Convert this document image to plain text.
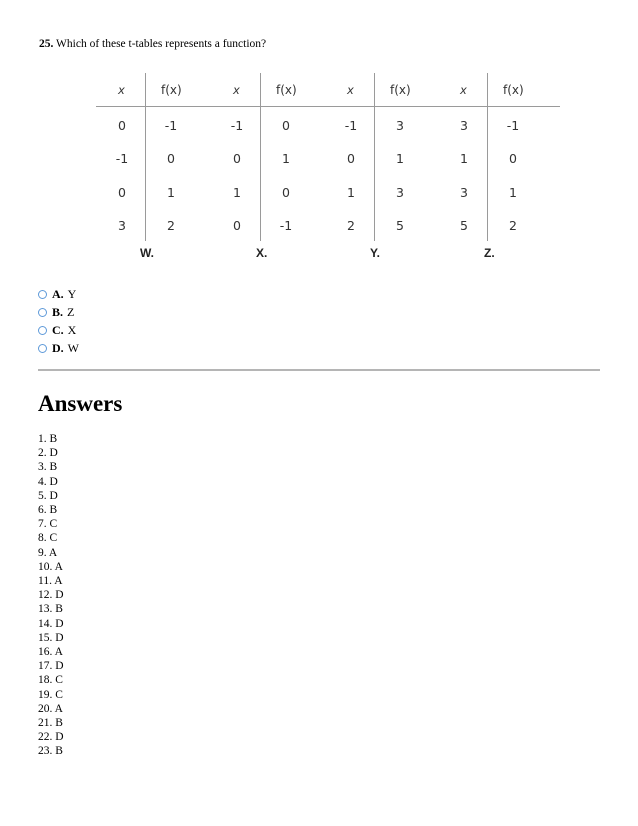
25. Which of these t-tables represents a function?
x	f(x)
0	-1
-1	0
0	1
3	2
x	f(x)
-1	0
0	1
1	0
0	-1
x	f(x)
-1	3
0	1
1	3
2	5
x	f(x)
3	-1
1	0
3	1
5	2
W.	X.	Y.	Z.
A. Y
B. Z
C. X
D. W
Answers
1. B
2. D
3. B
4. D
5. D
6. B
7. C
8. C
9. A
10. A
11. A
12. D
13. B
14. D
15. D
16. A
17. D
18. C
19. C
20. A
21. B
22. D
23. B
